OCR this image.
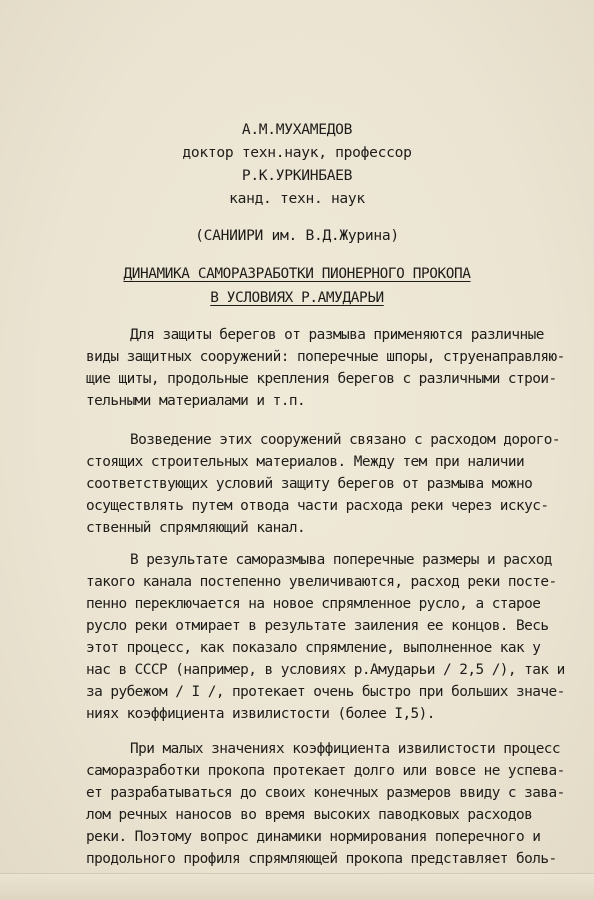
А.М.МУХАМЕДОВ
доктор техн.наук, профессор
Р.К.УРКИНБАЕВ
канд. техн. наук
(САНИИРИ им. В.Д.Журина)
ДИНАМИКА САМОРАЗРАБОТКИ ПИОНЕРНОГО ПРОКОПА
В УСЛОВИЯХ Р.АМУДАРЬИ
Для защиты берегов от размыва применяются различные
виды защитных сооружений: поперечные шпоры, струенаправляю-
щие щиты, продольные крепления берегов с различными строи-
тельными материалами и т.п.
Возведение этих сооружений связано с расходом дорого-
стоящих строительных материалов. Между тем при наличии
соответствующих условий защиту берегов от размыва можно
осуществлять путем отвода части расхода реки через искус-
ственный спрямляющий канал.
В результате саморазмыва поперечные размеры и расход
такого канала постепенно увеличиваются, расход реки посте-
пенно переключается на новое спрямленное русло, а старое
русло реки отмирает в результате заиления ее концов. Весь
этот процесс, как показало спрямление, выполненное как у
нас в СССР (например, в условиях р.Амударьи / 2,5 /), так и
за рубежом / I /, протекает очень быстро при больших значе-
ниях коэффициента извилистости (более I,5).
При малых значениях коэффициента извилистости процесс
саморазработки прокопа протекает долго или вовсе не успева-
ет разрабатываться до своих конечных размеров ввиду с зава-
лом речных наносов во время высоких паводковых расходов
реки. Поэтому вопрос динамики нормирования поперечного и
продольного профиля спрямляющей прокопа представляет боль-
